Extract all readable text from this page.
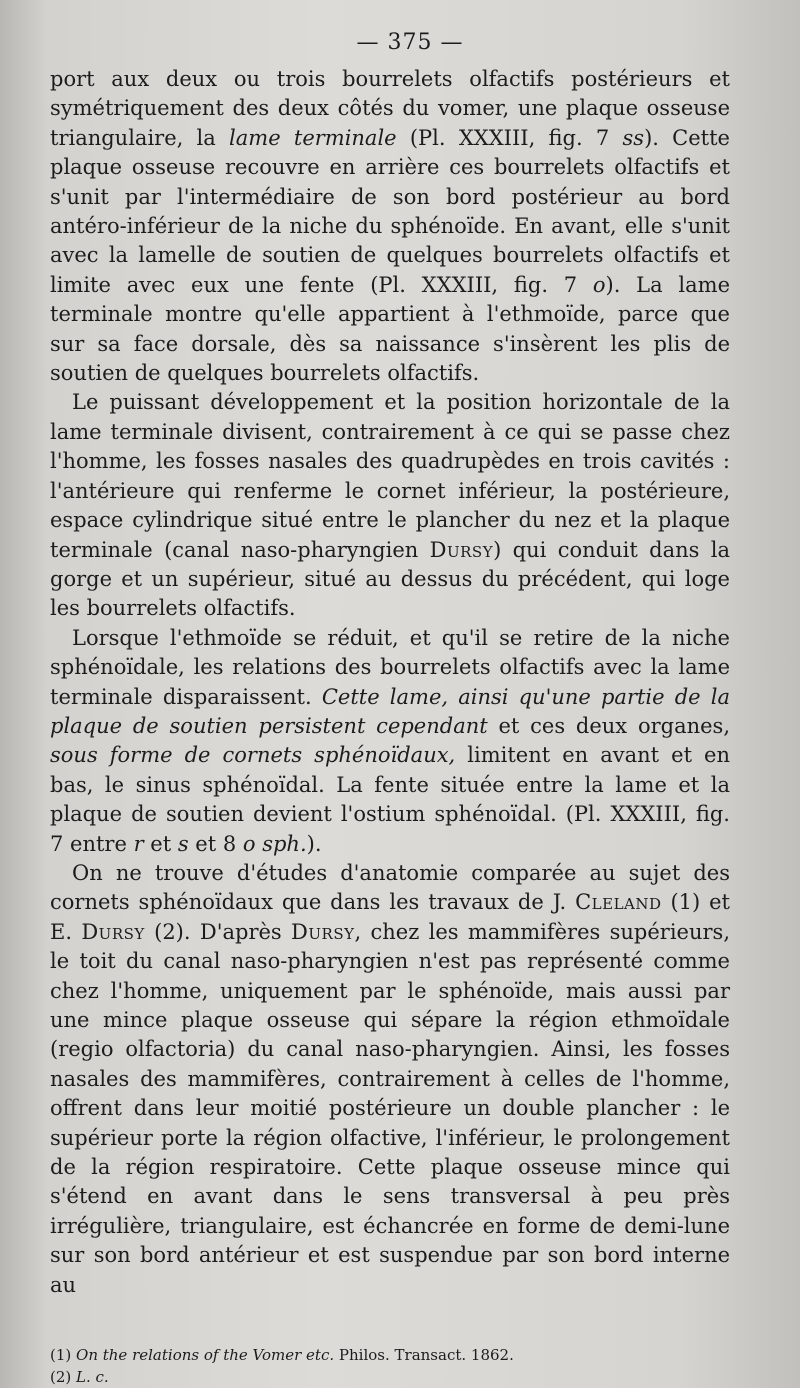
— 375 —

port aux deux ou trois bourrelets olfactifs postérieurs et symétriquement des deux côtés du vomer, une plaque osseuse triangulaire, la lame terminale (Pl. XXXIII, fig. 7 ss). Cette plaque osseuse recouvre en arrière ces bourrelets olfactifs et s'unit par l'intermédiaire de son bord postérieur au bord antéro-inférieur de la niche du sphénoïde. En avant, elle s'unit avec la lamelle de soutien de quelques bourrelets olfactifs et limite avec eux une fente (Pl. XXXIII, fig. 7 o). La lame terminale montre qu'elle appartient à l'ethmoïde, parce que sur sa face dorsale, dès sa naissance s'insèrent les plis de soutien de quelques bourrelets olfactifs.

Le puissant développement et la position horizontale de la lame terminale divisent, contrairement à ce qui se passe chez l'homme, les fosses nasales des quadrupèdes en trois cavités : l'antérieure qui renferme le cornet inférieur, la postérieure, espace cylindrique situé entre le plancher du nez et la plaque terminale (canal naso-pharyngien Dursy) qui conduit dans la gorge et un supérieur, situé au dessus du précédent, qui loge les bourrelets olfactifs.

Lorsque l'ethmoïde se réduit, et qu'il se retire de la niche sphénoïdale, les relations des bourrelets olfactifs avec la lame terminale disparaissent. Cette lame, ainsi qu'une partie de la plaque de soutien persistent cependant et ces deux organes, sous forme de cornets sphénoïdaux, limitent en avant et en bas, le sinus sphénoïdal. La fente située entre la lame et la plaque de soutien devient l'ostium sphénoïdal. (Pl. XXXIII, fig. 7 entre r et s et 8 o sph.).

On ne trouve d'études d'anatomie comparée au sujet des cornets sphénoïdaux que dans les travaux de J. Cleland (1) et E. Dursy (2). D'après Dursy, chez les mammifères supérieurs, le toit du canal naso-pharyngien n'est pas représenté comme chez l'homme, uniquement par le sphénoïde, mais aussi par une mince plaque osseuse qui sépare la région ethmoïdale (regio olfactoria) du canal naso-pharyngien. Ainsi, les fosses nasales des mammifères, contrairement à celles de l'homme, offrent dans leur moitié postérieure un double plancher : le supérieur porte la région olfactive, l'inférieur, le prolongement de la région respiratoire. Cette plaque osseuse mince qui s'étend en avant dans le sens transversal à peu près irrégulière, triangulaire, est échancrée en forme de demi-lune sur son bord antérieur et est suspendue par son bord interne au

(1) On the relations of the Vomer etc. Philos. Transact. 1862.

(2) L. c.
